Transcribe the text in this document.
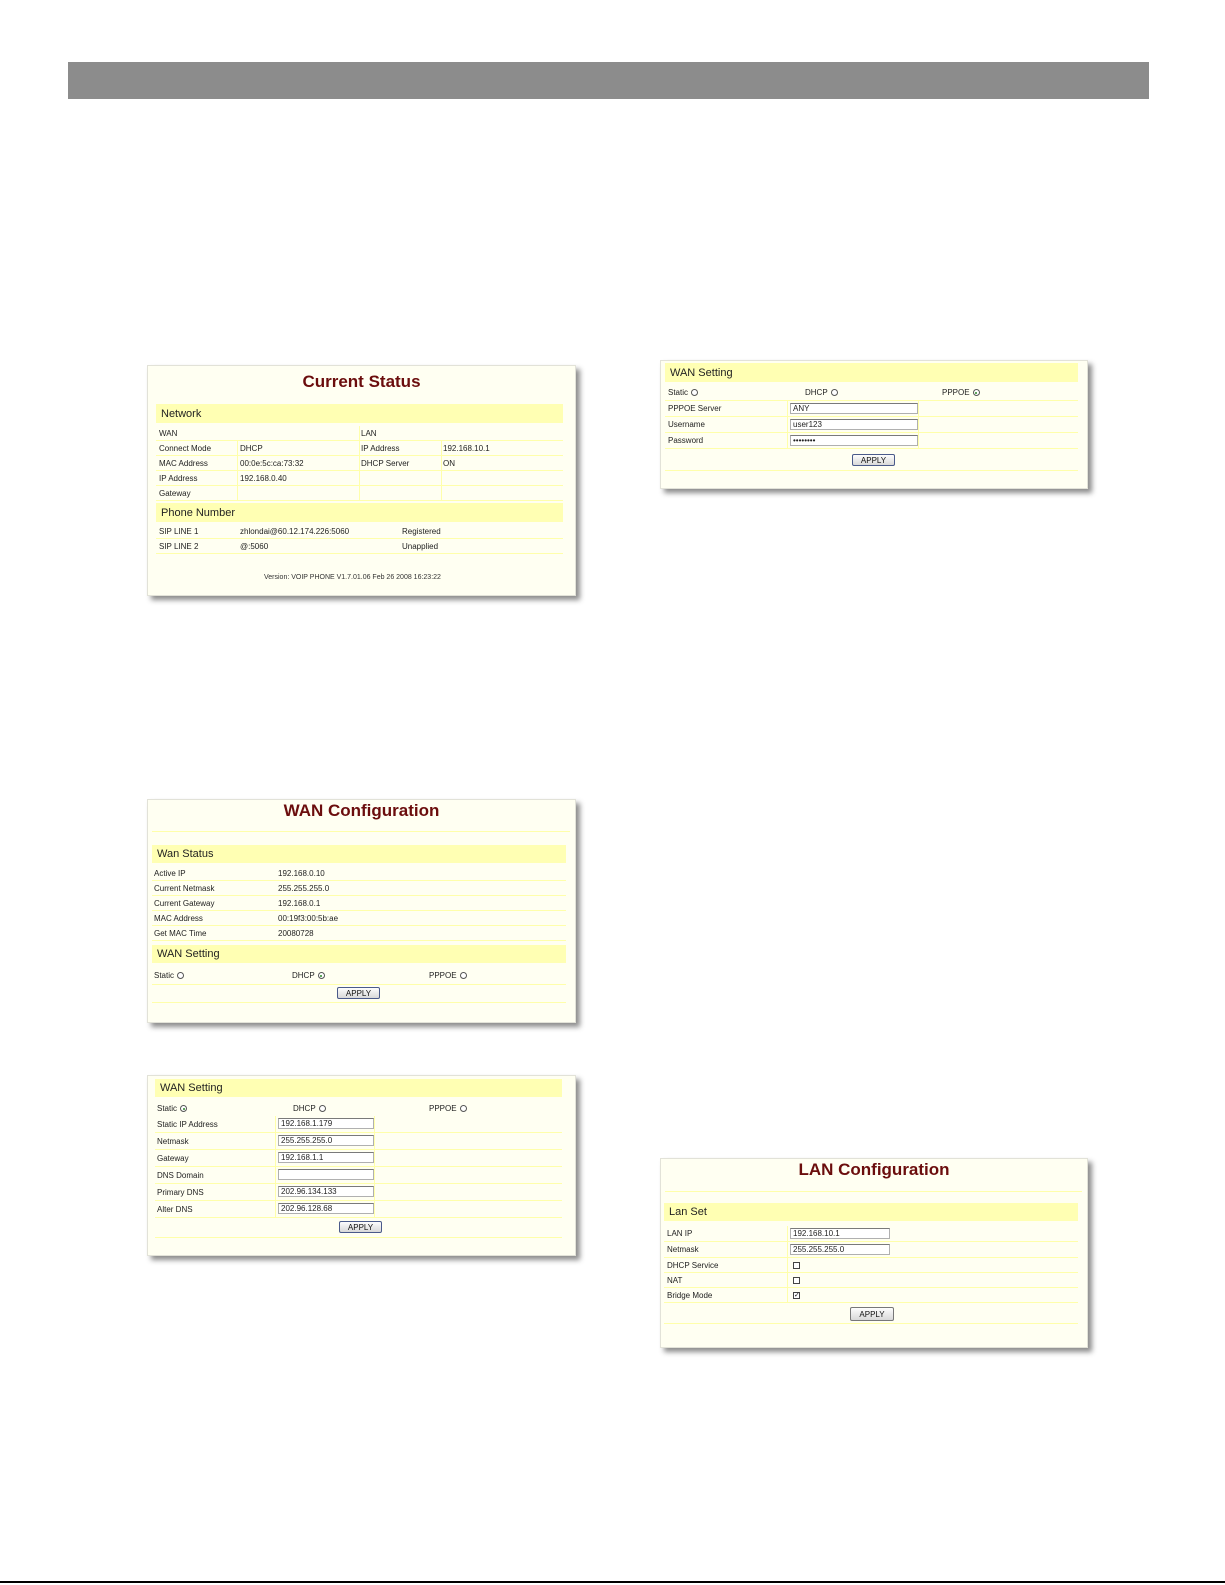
Current Status
Network
WAN	LAN
Connect Mode	DHCP	IP Address	192.168.10.1
MAC Address	00:0e:5c:ca:73:32	DHCP Server	ON
IP Address	192.168.0.40
Gateway
Phone Number
SIP LINE 1	zhlondai@60.12.174.226:5060	Registered
SIP LINE 2	@:5060	Unapplied
Version: VOIP PHONE V1.7.01.06 Feb 26 2008 16:23:22
WAN Setting
Static	DHCP	PPPOE
PPPOE Server	ANY
Username	user123
Password	••••••••
APPLY
WAN Configuration
Wan Status
Active IP	192.168.0.10
Current Netmask	255.255.255.0
Current Gateway	192.168.0.1
MAC Address	00:19f3:00:5b:ae
Get MAC Time	20080728
WAN Setting
Static	DHCP	PPPOE
APPLY
WAN Setting
Static	DHCP	PPPOE
Static IP Address	192.168.1.179
Netmask	255.255.255.0
Gateway	192.168.1.1
DNS Domain
Primary DNS	202.96.134.133
Alter DNS	202.96.128.68
APPLY
LAN Configuration
Lan Set
LAN IP	192.168.10.1
Netmask	255.255.255.0
DHCP Service
NAT
Bridge Mode	✓
APPLY
